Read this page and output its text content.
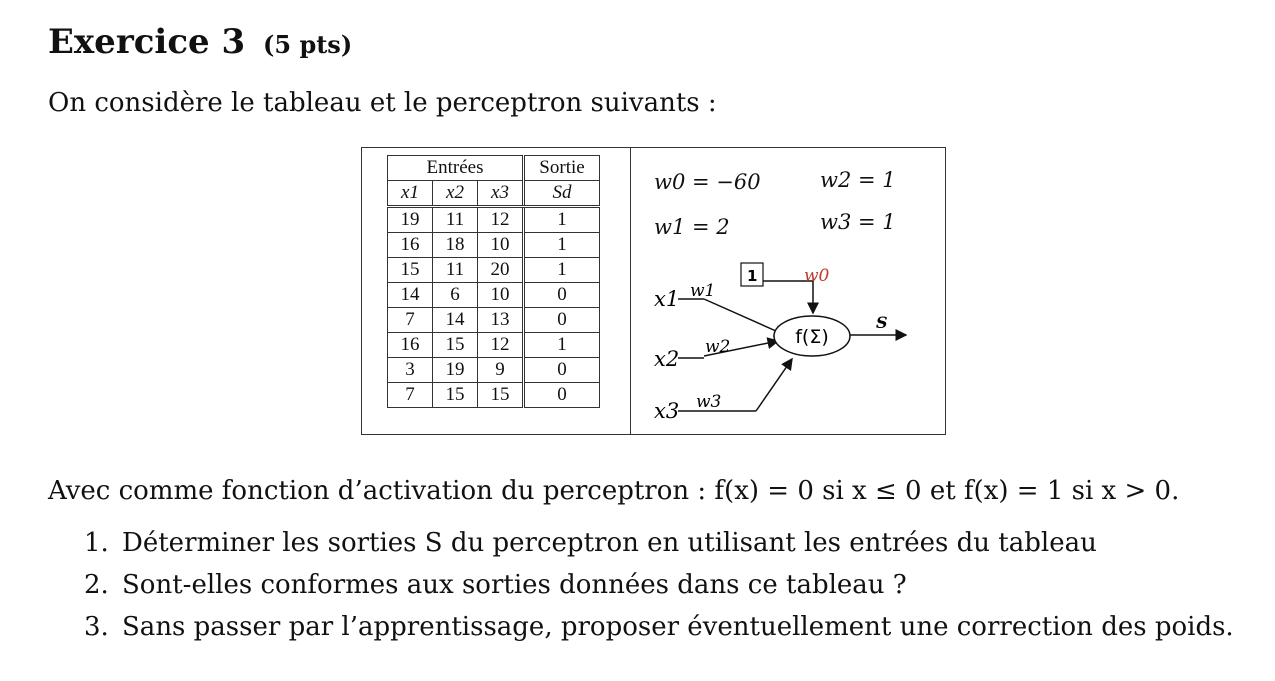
Exercice 3 (5 pts)
On considère le tableau et le perceptron suivants :
Entrées			Sortie
x1	x2	x3	Sd
19	11	12	1
16	18	10	1
15	11	20	1
14	6	10	0
7	14	13	0
16	15	12	1
3	19	9	0
7	15	15	0
w0 = −60	w2 = 1
w1 = 2	w3 = 1
x1
x2
x3
w1
w2
w3
1	w0
f(Σ)
S
Avec comme fonction d’activation du perceptron : f(x) = 0 si x ≤ 0 et f(x) = 1 si x > 0.
1. Déterminer les sorties S du perceptron en utilisant les entrées du tableau
2. Sont-elles conformes aux sorties données dans ce tableau ?
3. Sans passer par l’apprentissage, proposer éventuellement une correction des poids.
